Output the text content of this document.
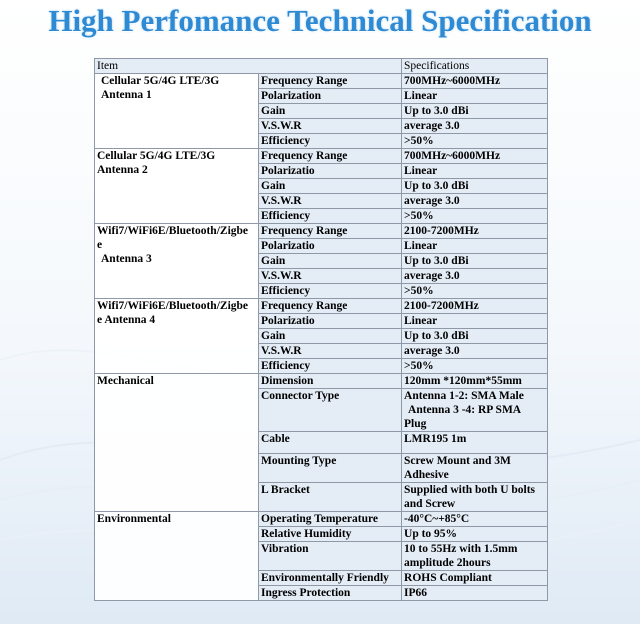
High Perfomance Technical Specification
Item		Specifications

Cellular 5G/4G LTE/3G
Antenna 1	Frequency Range	700MHz~6000MHz
	Polarization	Linear
	Gain	Up to 3.0 dBi
	V.S.W.R	average 3.0
	Efficiency	>50%

Cellular 5G/4G LTE/3G
Antenna 2	Frequency Range	700MHz~6000MHz
	Polarizatio	Linear
	Gain	Up to 3.0 dBi
	V.S.W.R	average 3.0
	Efficiency	>50%

Wifi7/WiFi6E/Bluetooth/Zigbe
e
Antenna 3	Frequency Range	2100-7200MHz
	Polarizatio	Linear
	Gain	Up to 3.0 dBi
	V.S.W.R	average 3.0
	Efficiency	>50%

Wifi7/WiFi6E/Bluetooth/Zigbe
e Antenna 4	Frequency Range	2100-7200MHz
	Polarizatio	Linear
	Gain	Up to 3.0 dBi
	V.S.W.R	average 3.0
	Efficiency	>50%
Mechanical	Dimension	120mm *120mm*55mm
	Connector Type	Antenna 1-2: SMA Male
Antenna 3 -4: RP SMA
Plug

	Cable	LMR195 1m
	Mounting Type	Screw Mount and 3M
Adhesive

	L Bracket	Supplied with both U bolts
and Screw

Environmental	Operating Temperature	-40°C~+85°C
	Relative Humidity	Up to 95%
	Vibration	10 to 55Hz with 1.5mm
amplitude 2hours

	Environmentally Friendly	ROHS Compliant
	Ingress Protection	IP66
